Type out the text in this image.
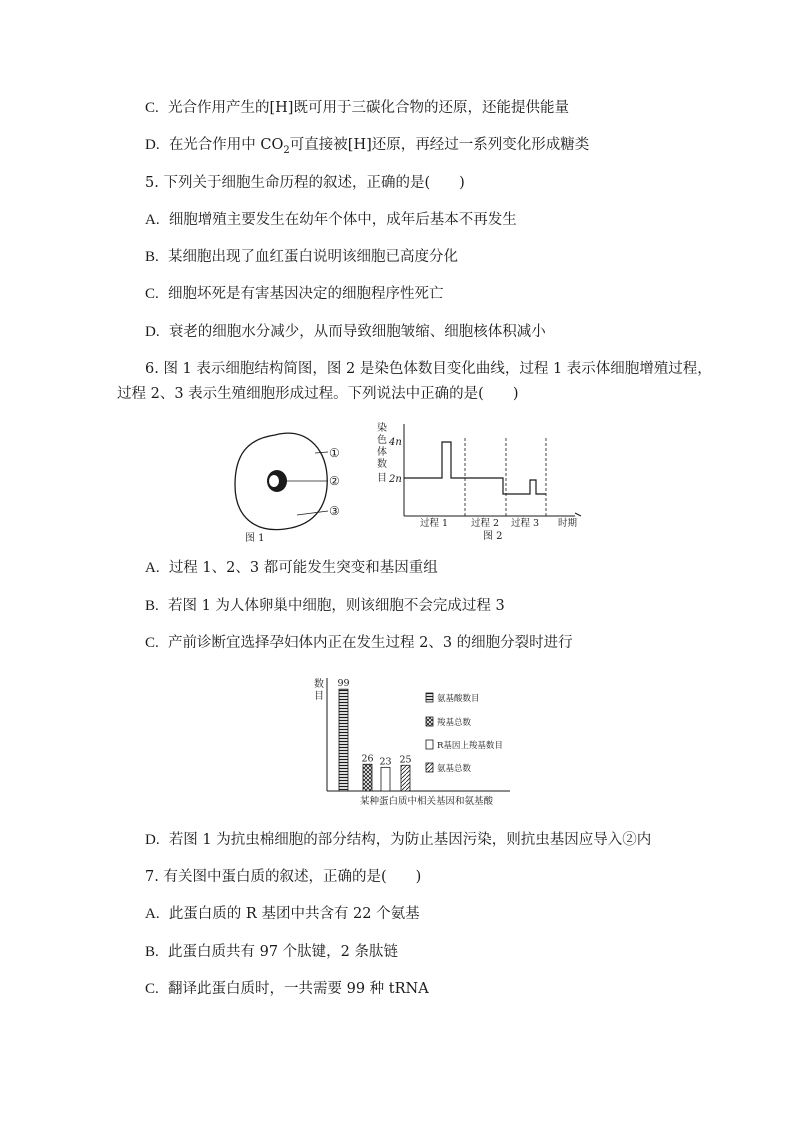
C. 光合作用产生的[H]既可用于三碳化合物的还原，还能提供能量
D. 在光合作用中 $CO_2$可直接被[H]还原，再经过一系列变化形成糖类
5. 下列关于细胞生命历程的叙述，正确的是(　　)
A. 细胞增殖主要发生在幼年个体中，成年后基本不再发生
B. 某细胞出现了血红蛋白说明该细胞已高度分化
C. 细胞坏死是有害基因决定的细胞程序性死亡
D. 衰老的细胞水分减少，从而导致细胞皱缩、细胞核体积减小
6. 图 1 表示细胞结构简图，图 2 是染色体数目变化曲线，过程 1 表示体细胞增殖过程，
过程 2、3 表示生殖细胞形成过程。下列说法中正确的是(　　)
①
②
③
图 1
染
色
体
数
目
4n
2n
过程 1 过程 2 过程 3 时期
图 2
A. 过程 1、2、3 都可能发生突变和基因重组
B. 若图 1 为人体卵巢中细胞，则该细胞不会完成过程 3
C. 产前诊断宜选择孕妇体内正在发生过程 2、3 的细胞分裂时进行
数
目
99
26 23 25
氨基酸数目
羧基总数
R基因上羧基数目
氨基总数
某种蛋白质中相关基因和氨基酸
D. 若图 1 为抗虫棉细胞的部分结构，为防止基因污染，则抗虫基因应导入②内
7. 有关图中蛋白质的叙述，正确的是(　　)
A. 此蛋白质的 R 基团中共含有 22 个氨基
B. 此蛋白质共有 97 个肽键，2 条肽链
C. 翻译此蛋白质时，一共需要 99 种 tRNA
